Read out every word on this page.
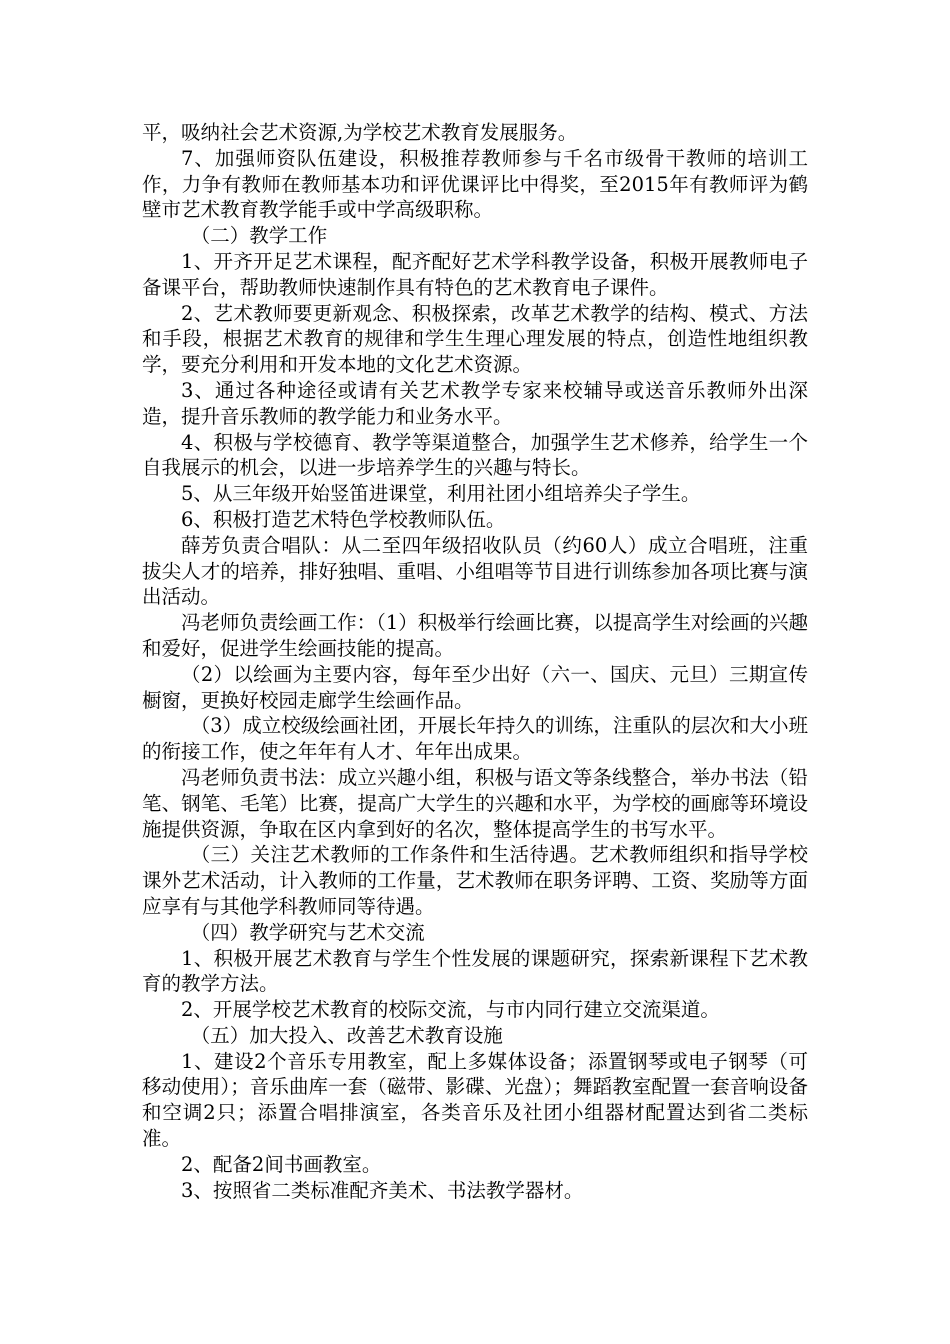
平，吸纳社会艺术资源,为学校艺术教育发展服务。

7、加强师资队伍建设，积极推荐教师参与千名市级骨干教师的培训工作，力争有教师在教师基本功和评优课评比中得奖，至2015年有教师评为鹤壁市艺术教育教学能手或中学高级职称。

（二）教学工作

1、开齐开足艺术课程，配齐配好艺术学科教学设备，积极开展教师电子备课平台，帮助教师快速制作具有特色的艺术教育电子课件。

2、艺术教师要更新观念、积极探索，改革艺术教学的结构、模式、方法和手段，根据艺术教育的规律和学生生理心理发展的特点，创造性地组织教学，要充分利用和开发本地的文化艺术资源。

3、通过各种途径或请有关艺术教学专家来校辅导或送音乐教师外出深造，提升音乐教师的教学能力和业务水平。

4、积极与学校德育、教学等渠道整合，加强学生艺术修养，给学生一个自我展示的机会，以进一步培养学生的兴趣与特长。

5、从三年级开始竖笛进课堂，利用社团小组培养尖子学生。

6、积极打造艺术特色学校教师队伍。

薛芳负责合唱队：从二至四年级招收队员（约60人）成立合唱班，注重拔尖人才的培养，排好独唱、重唱、小组唱等节目进行训练参加各项比赛与演出活动。

冯老师负责绘画工作：（1）积极举行绘画比赛，以提高学生对绘画的兴趣和爱好，促进学生绘画技能的提高。

（2）以绘画为主要内容，每年至少出好（六一、国庆、元旦）三期宣传橱窗，更换好校园走廊学生绘画作品。

（3）成立校级绘画社团，开展长年持久的训练，注重队的层次和大小班的衔接工作，使之年年有人才、年年出成果。

冯老师负责书法：成立兴趣小组，积极与语文等条线整合，举办书法（铅笔、钢笔、毛笔）比赛，提高广大学生的兴趣和水平，为学校的画廊等环境设施提供资源，争取在区内拿到好的名次，整体提高学生的书写水平。

（三）关注艺术教师的工作条件和生活待遇。艺术教师组织和指导学校课外艺术活动，计入教师的工作量，艺术教师在职务评聘、工资、奖励等方面应享有与其他学科教师同等待遇。

（四）教学研究与艺术交流

1、积极开展艺术教育与学生个性发展的课题研究，探索新课程下艺术教育的教学方法。

2、开展学校艺术教育的校际交流，与市内同行建立交流渠道。

（五）加大投入、改善艺术教育设施

1、建设2个音乐专用教室，配上多媒体设备；添置钢琴或电子钢琴（可移动使用）；音乐曲库一套（磁带、影碟、光盘）；舞蹈教室配置一套音响设备和空调2只；添置合唱排演室，各类音乐及社团小组器材配置达到省二类标准。

2、配备2间书画教室。

3、按照省二类标准配齐美术、书法教学器材。
